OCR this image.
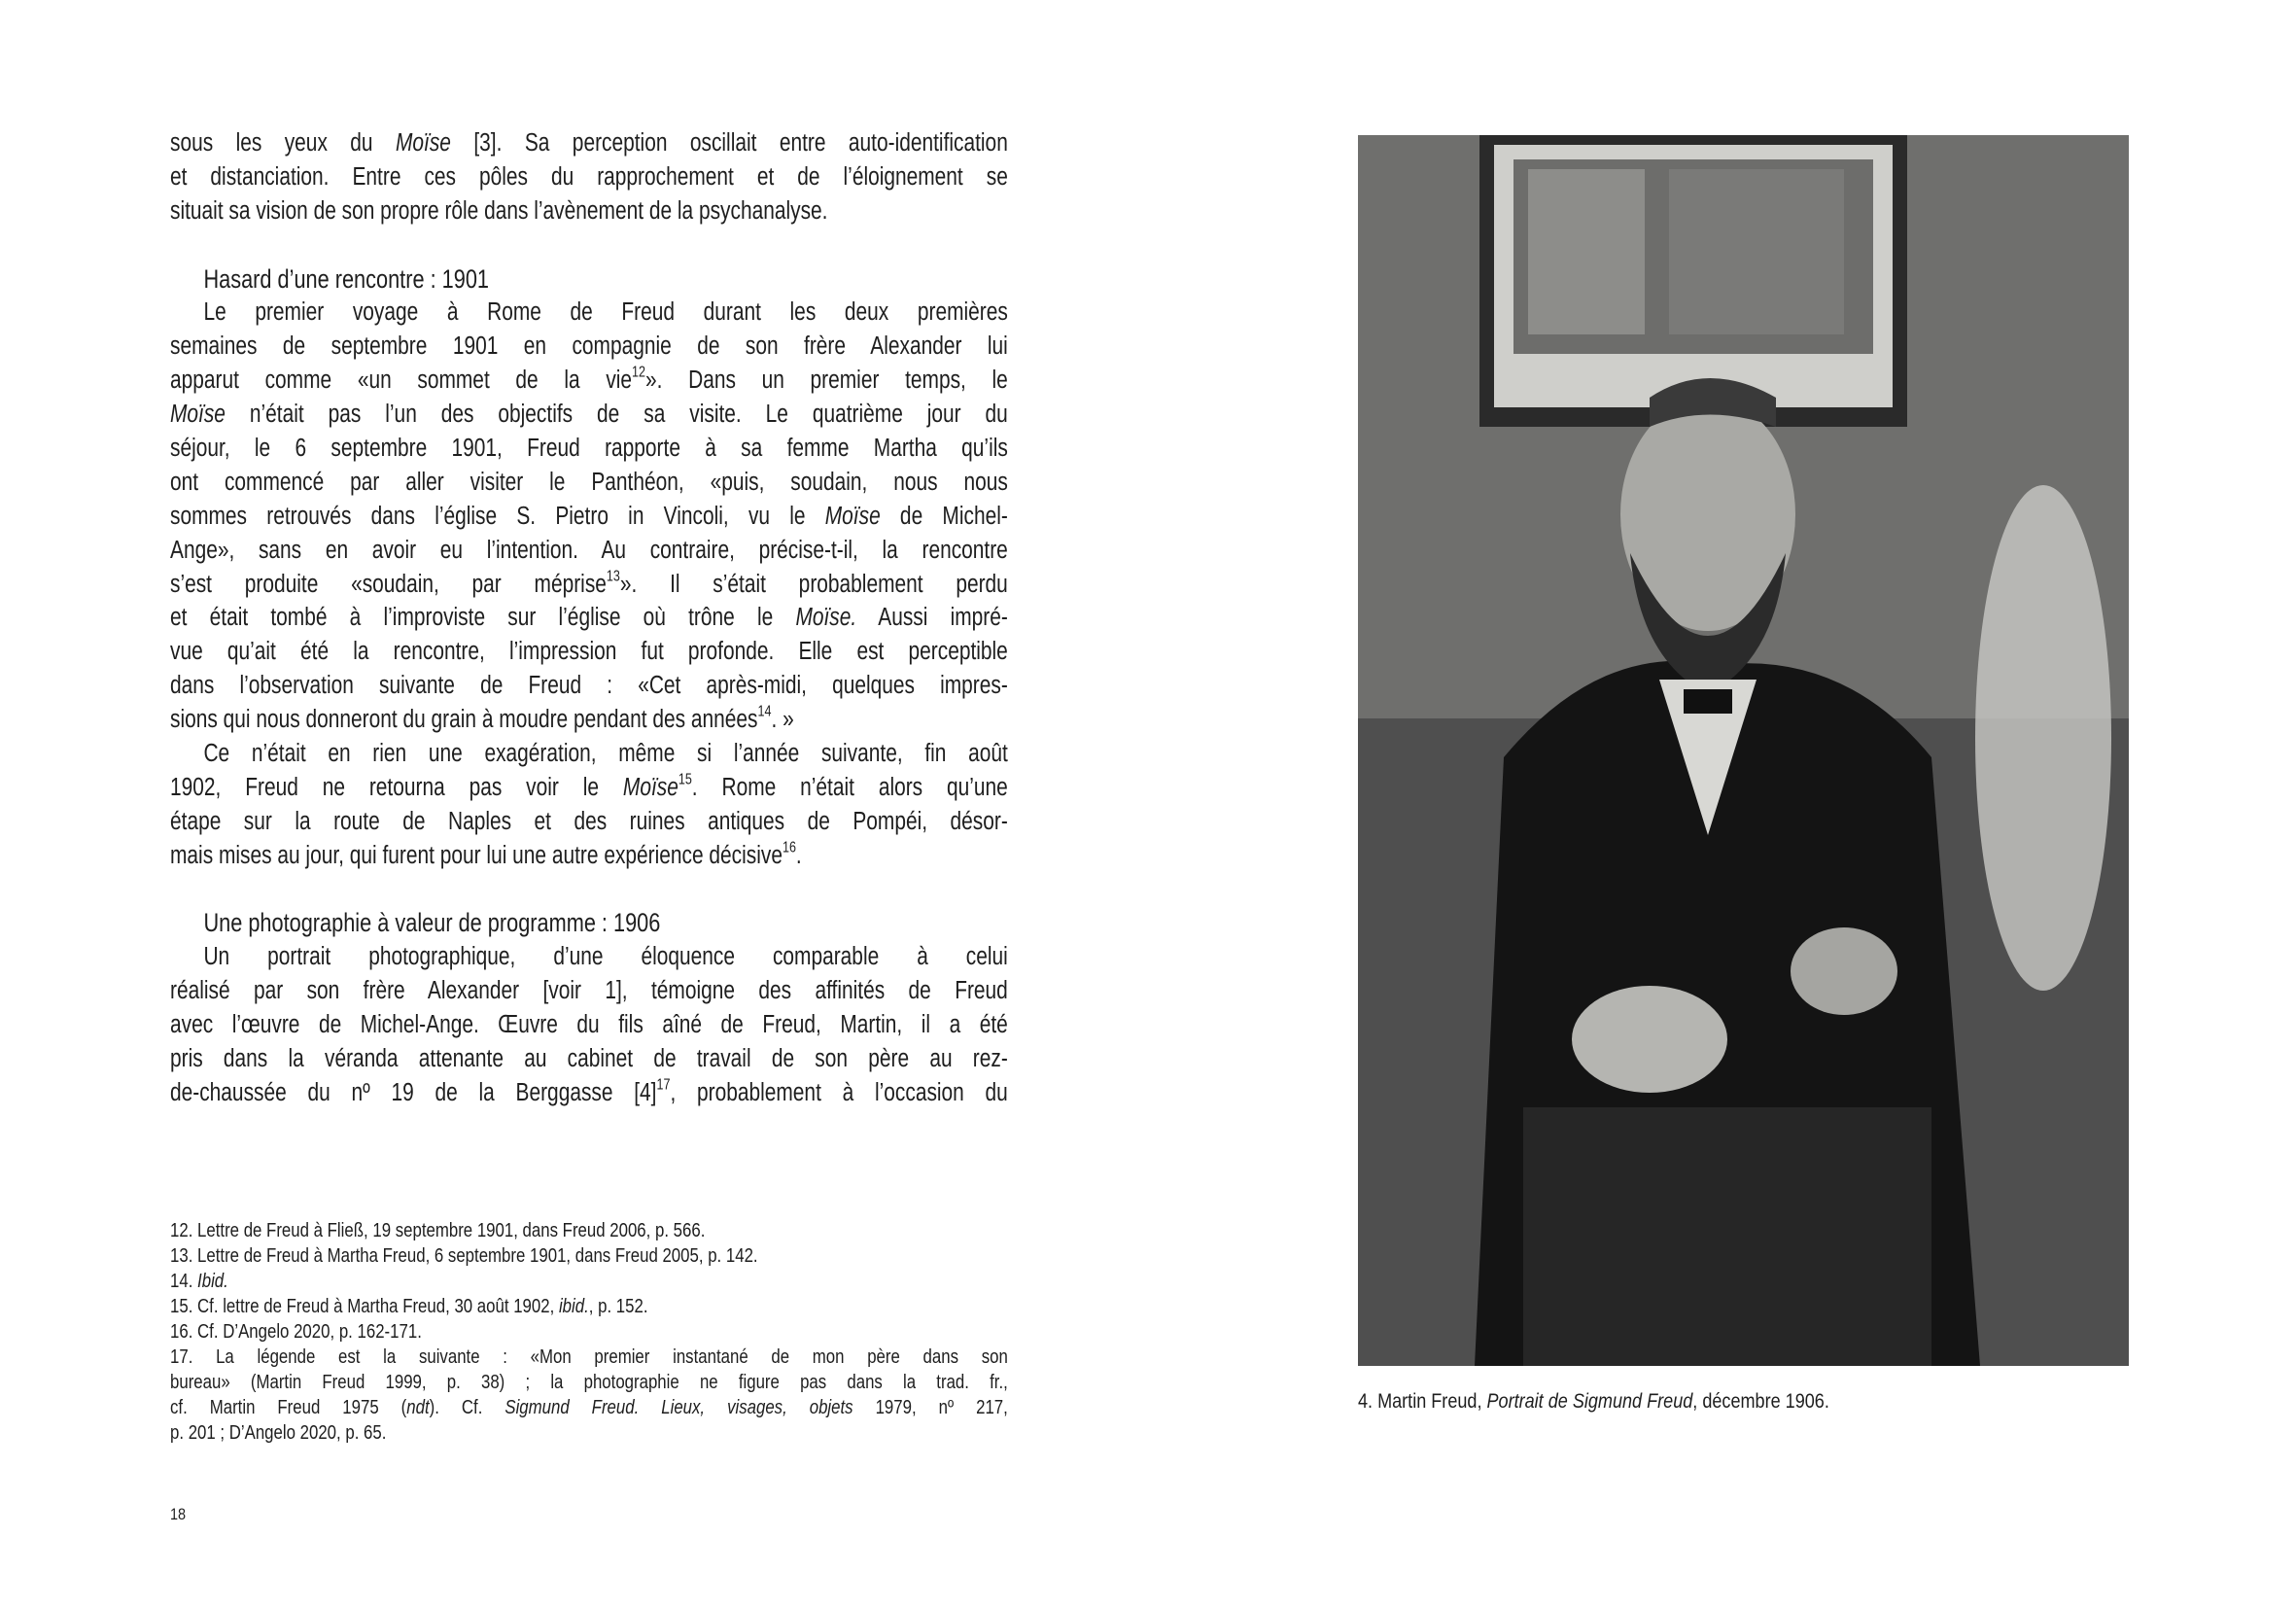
sous les yeux du Moïse [3]. Sa perception oscillait entre auto-identification
et distanciation. Entre ces pôles du rapprochement et de l’éloignement se
situait sa vision de son propre rôle dans l’avènement de la psychanalyse.
Hasard d’une rencontre : 1901
Le premier voyage à Rome de Freud durant les deux premières
semaines de septembre 1901 en compagnie de son frère Alexander lui
apparut comme «un sommet de la vie$^{12}$». Dans un premier temps, le
Moïse n’était pas l’un des objectifs de sa visite. Le quatrième jour du
séjour, le 6 septembre 1901, Freud rapporte à sa femme Martha qu’ils
ont commencé par aller visiter le Panthéon, «puis, soudain, nous nous
sommes retrouvés dans l’église S. Pietro in Vincoli, vu le Moïse de Michel-
Ange», sans en avoir eu l’intention. Au contraire, précise-t-il, la rencontre
s’est produite «soudain, par méprise$^{13}$». Il s’était probablement perdu
et était tombé à l’improviste sur l’église où trône le Moïse. Aussi impré-
vue qu’ait été la rencontre, l’impression fut profonde. Elle est perceptible
dans l’observation suivante de Freud : «Cet après-midi, quelques impres-
sions qui nous donneront du grain à moudre pendant des années$^{14}$. »
Ce n’était en rien une exagération, même si l’année suivante, fin août
1902, Freud ne retourna pas voir le Moïse$^{15}$. Rome n’était alors qu’une
étape sur la route de Naples et des ruines antiques de Pompéi, désor-
mais mises au jour, qui furent pour lui une autre expérience décisive$^{16}$.
Une photographie à valeur de programme : 1906
Un portrait photographique, d’une éloquence comparable à celui
réalisé par son frère Alexander [voir 1], témoigne des affinités de Freud
avec l’œuvre de Michel-Ange. Œuvre du fils aîné de Freud, Martin, il a été
pris dans la véranda attenante au cabinet de travail de son père au rez-
de-chaussée du nº 19 de la Berggasse $[4]^{17}$, probablement à l’occasion du
12. Lettre de Freud à Fließ, 19 septembre 1901, dans Freud 2006, p. 566.
13. Lettre de Freud à Martha Freud, 6 septembre 1901, dans Freud 2005, p. 142.
14. Ibid.
15. Cf. lettre de Freud à Martha Freud, 30 août 1902, ibid., p. 152.
16. Cf. D’Angelo 2020, p. 162-171.
17. La légende est la suivante : «Mon premier instantané de mon père dans son
bureau» (Martin Freud 1999, p. 38) ; la photographie ne figure pas dans la trad. fr.,
cf. Martin Freud 1975 (ndt). Cf. Sigmund Freud. Lieux, visages, objets 1979, nº 217,
p. 201 ; D’Angelo 2020, p. 65.
18
4. Martin Freud, Portrait de Sigmund Freud, décembre 1906.
